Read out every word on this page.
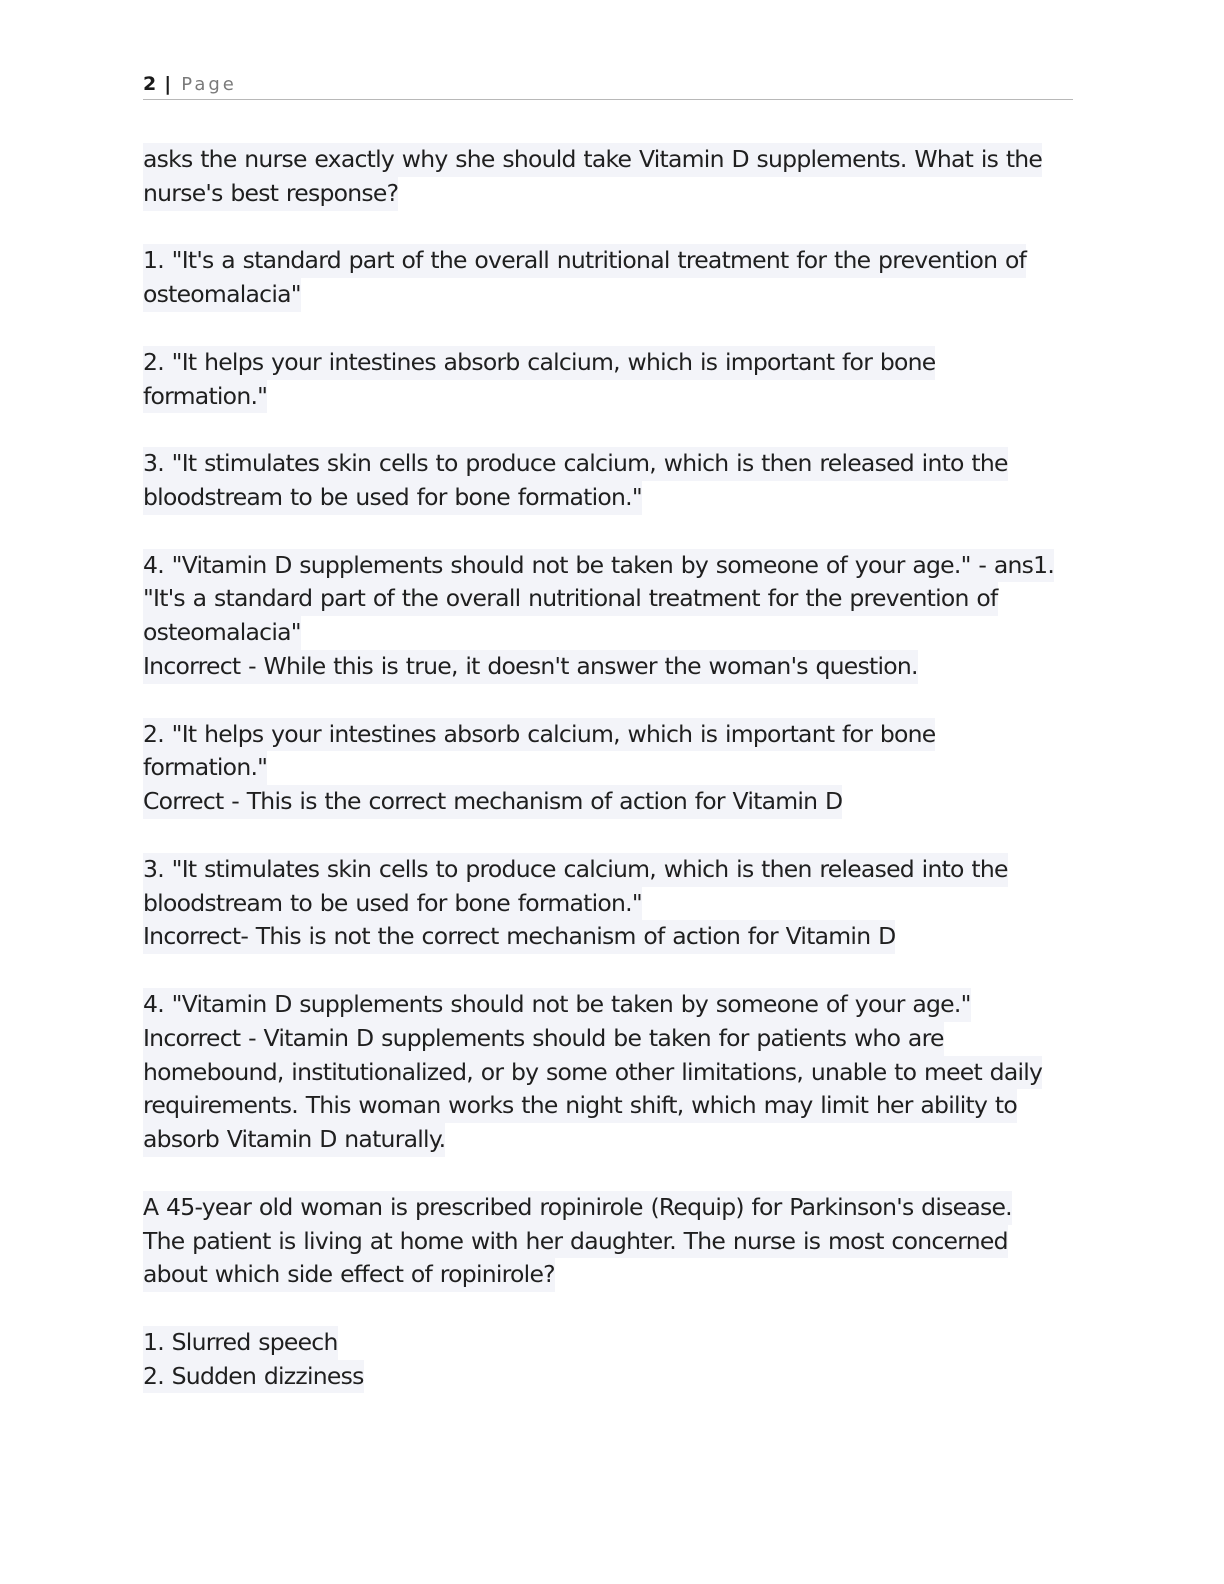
2 | Page
asks the nurse exactly why she should take Vitamin D supplements. What is the
nurse's best response?
1. "It's a standard part of the overall nutritional treatment for the prevention of
osteomalacia"
2. "It helps your intestines absorb calcium, which is important for bone
formation."
3. "It stimulates skin cells to produce calcium, which is then released into the
bloodstream to be used for bone formation."
4. "Vitamin D supplements should not be taken by someone of your age." - ans1.
"It's a standard part of the overall nutritional treatment for the prevention of
osteomalacia"
Incorrect - While this is true, it doesn't answer the woman's question.
2. "It helps your intestines absorb calcium, which is important for bone
formation."
Correct - This is the correct mechanism of action for Vitamin D
3. "It stimulates skin cells to produce calcium, which is then released into the
bloodstream to be used for bone formation."
Incorrect- This is not the correct mechanism of action for Vitamin D
4. "Vitamin D supplements should not be taken by someone of your age."
Incorrect - Vitamin D supplements should be taken for patients who are
homebound, institutionalized, or by some other limitations, unable to meet daily
requirements. This woman works the night shift, which may limit her ability to
absorb Vitamin D naturally.
A 45-year old woman is prescribed ropinirole (Requip) for Parkinson's disease.
The patient is living at home with her daughter. The nurse is most concerned
about which side effect of ropinirole?
1. Slurred speech
2. Sudden dizziness
